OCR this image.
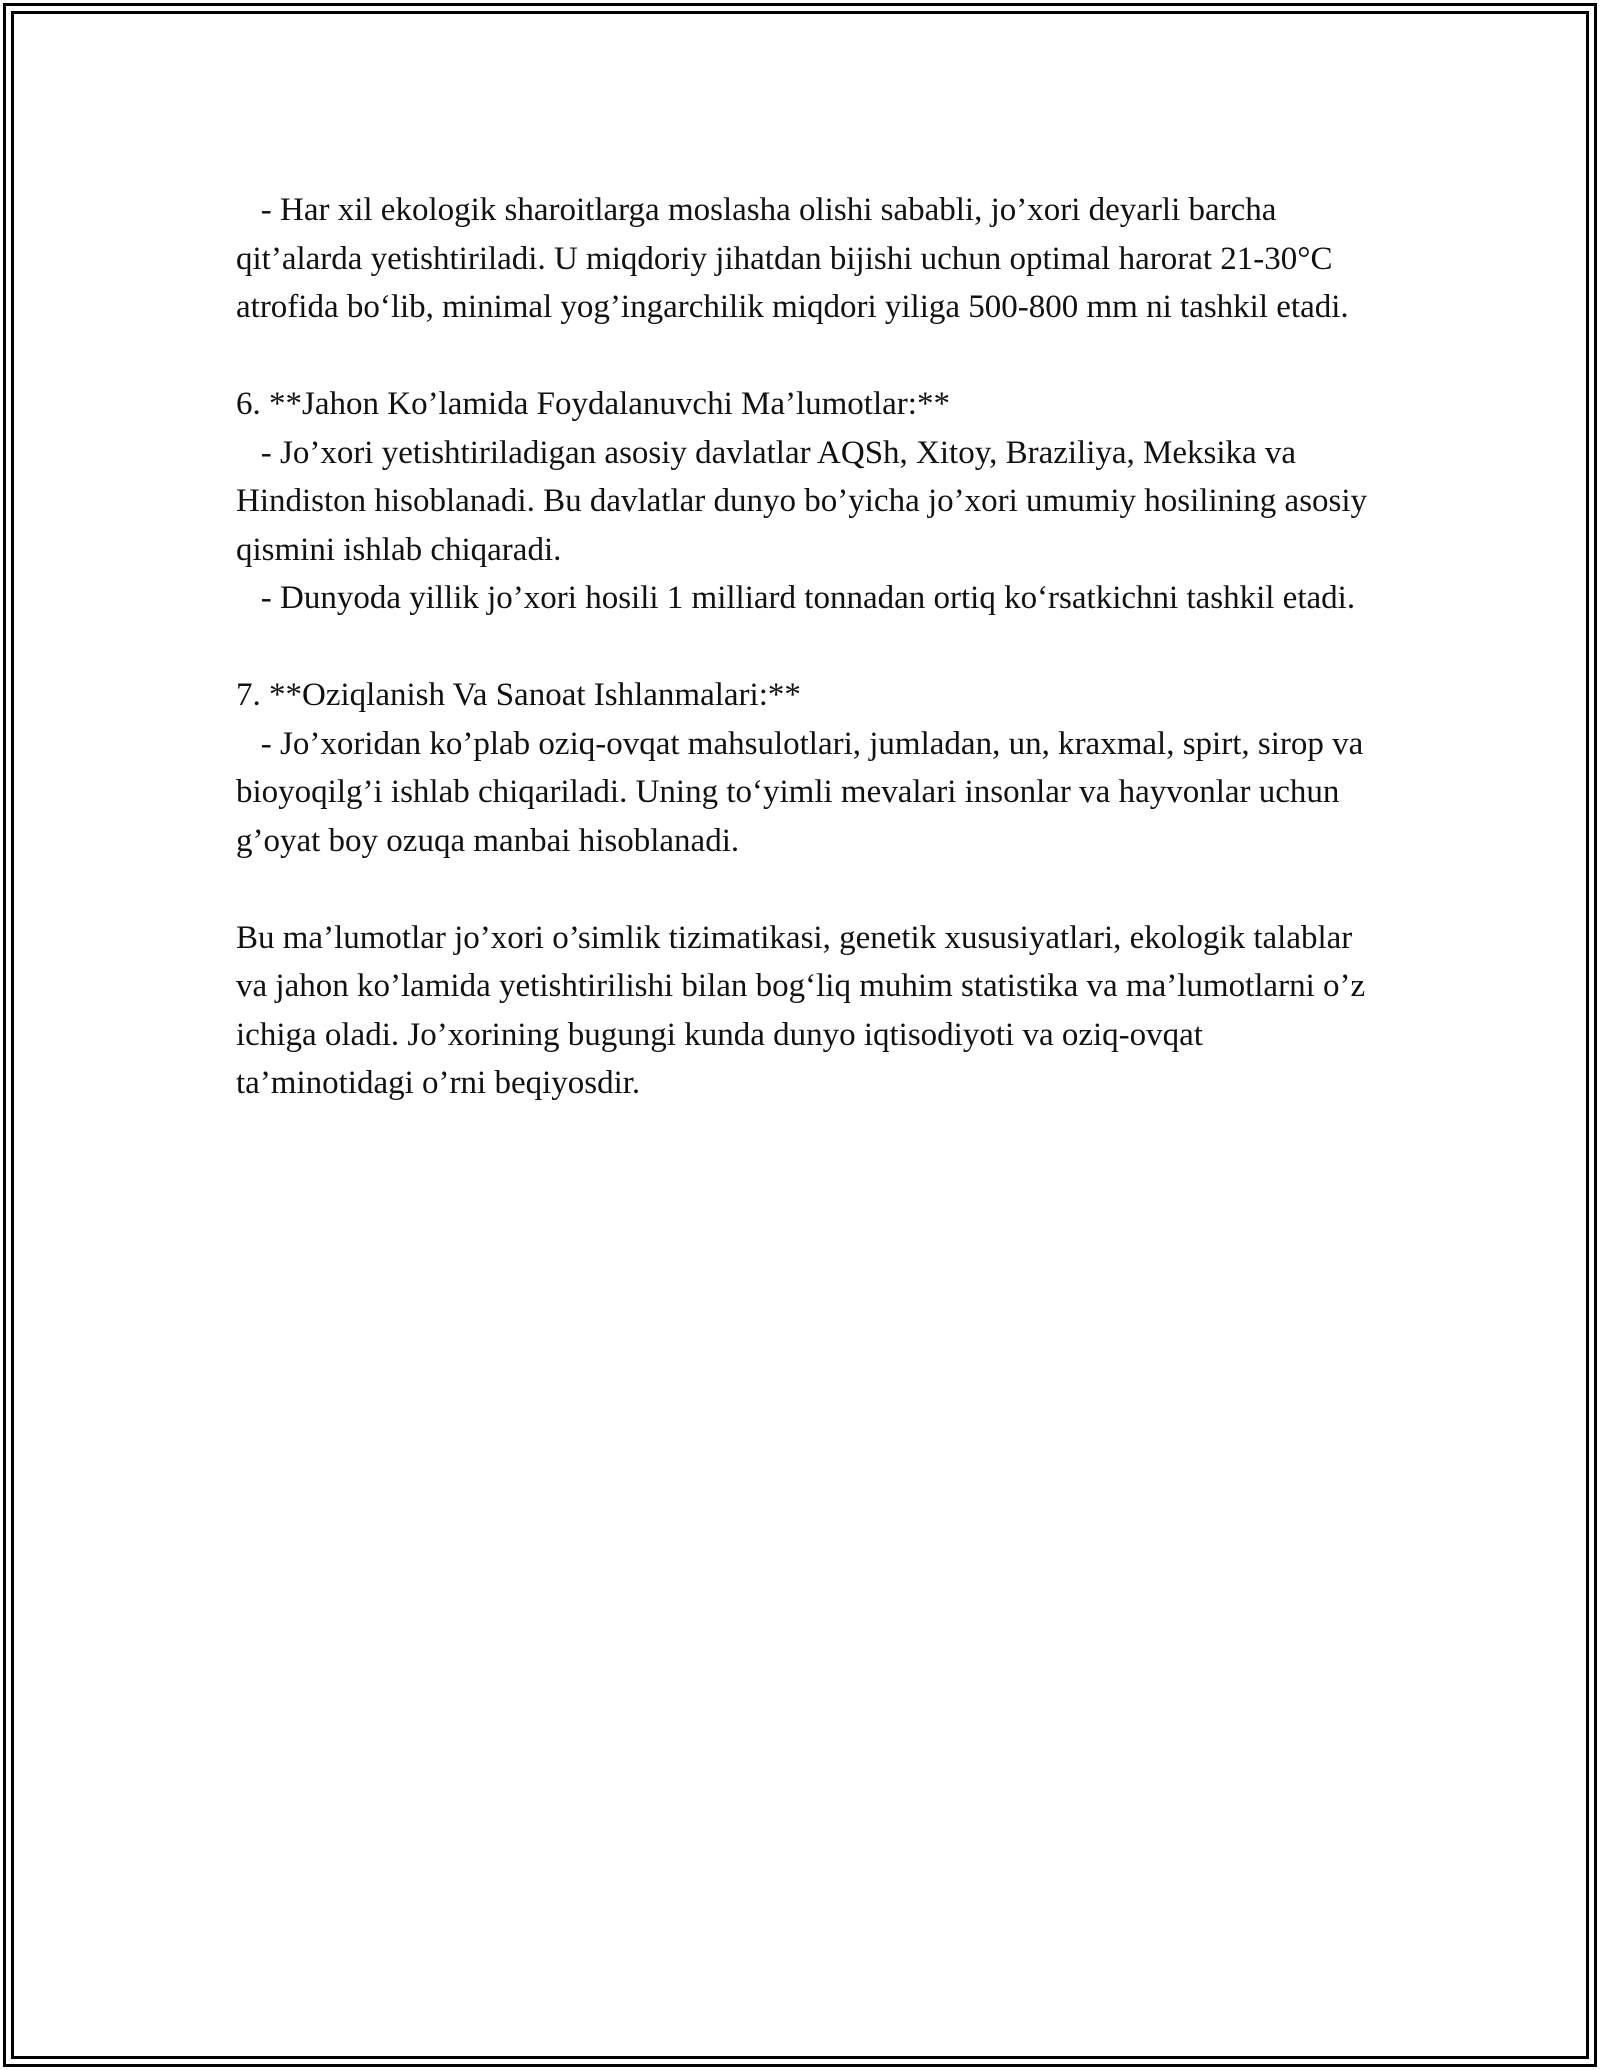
- Har xil ekologik sharoitlarga moslasha olishi sababli, jo’xori deyarli barcha qit’alarda yetishtiriladi. U miqdoriy jihatdan bijishi uchun optimal harorat 21-30°C atrofida bo‘lib, minimal yog’ingarchilik miqdori yiliga 500-800 mm ni tashkil etadi.

6. **Jahon Ko’lamida Foydalanuvchi Ma’lumotlar:**

- Jo’xori yetishtiriladigan asosiy davlatlar AQSh, Xitoy, Braziliya, Meksika va Hindiston hisoblanadi. Bu davlatlar dunyo bo’yicha jo’xori umumiy hosilining asosiy qismini ishlab chiqaradi.

- Dunyoda yillik jo’xori hosili 1 milliard tonnadan ortiq ko‘rsatkichni tashkil etadi.

7. **Oziqlanish Va Sanoat Ishlanmalari:**

- Jo’xoridan ko’plab oziq-ovqat mahsulotlari, jumladan, un, kraxmal, spirt, sirop va bioyoqilg’i ishlab chiqariladi. Uning to‘yimli mevalari insonlar va hayvonlar uchun g’oyat boy ozuqa manbai hisoblanadi.

Bu ma’lumotlar jo’xori o’simlik tizimatikasi, genetik xususiyatlari, ekologik talablar va jahon ko’lamida yetishtirilishi bilan bog‘liq muhim statistika va ma’lumotlarni o’z ichiga oladi. Jo’xorining bugungi kunda dunyo iqtisodiyoti va oziq-ovqat ta’minotidagi o’rni beqiyosdir.
